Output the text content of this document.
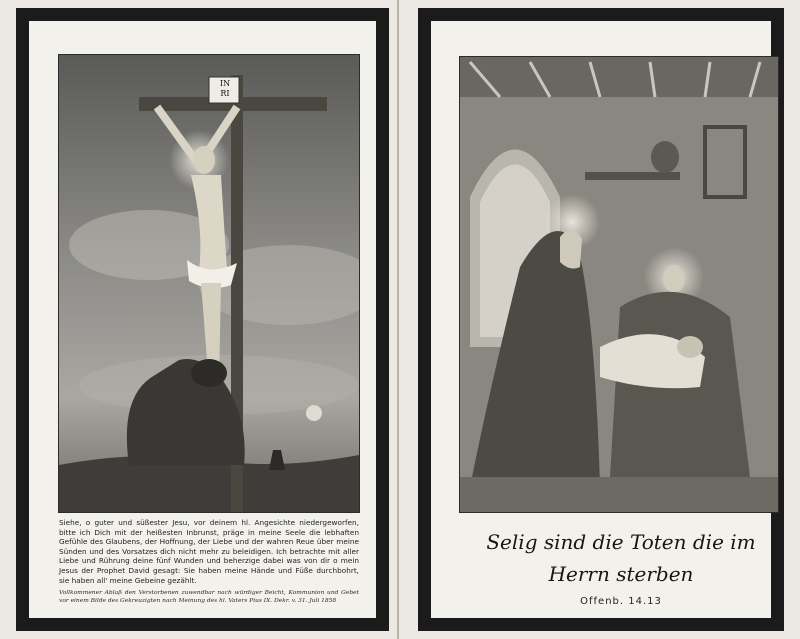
IN
RI

Siehe, o guter und süßester Jesu, vor deinem hl. Angesichte niedergeworfen, bitte ich Dich mit der heißesten Inbrunst, präge in meine Seele die lebhaften Gefühle des Glaubens, der Hoffnung, der Liebe und der wahren Reue über meine Sünden und des Vorsatzes dich nicht mehr zu beleidigen. Ich betrachte mit aller Liebe und Rührung deine fünf Wunden und beherzige dabei was von dir o mein Jesus der Prophet David gesagt: Sie haben meine Hände und Füße durchbohrt, sie haben all' meine Gebeine gezählt.

Vollkommener Ablaß den Verstorbenen zuwendbar nach würdiger Beicht, Kommunion und Gebet vor einem Bilde des Gekreuzigten nach Meinung des hl. Vaters Pius IX. Dekr. v. 31. Juli 1858

Selig sind die Toten die im
Herrn sterben
Offenb. 14.13
